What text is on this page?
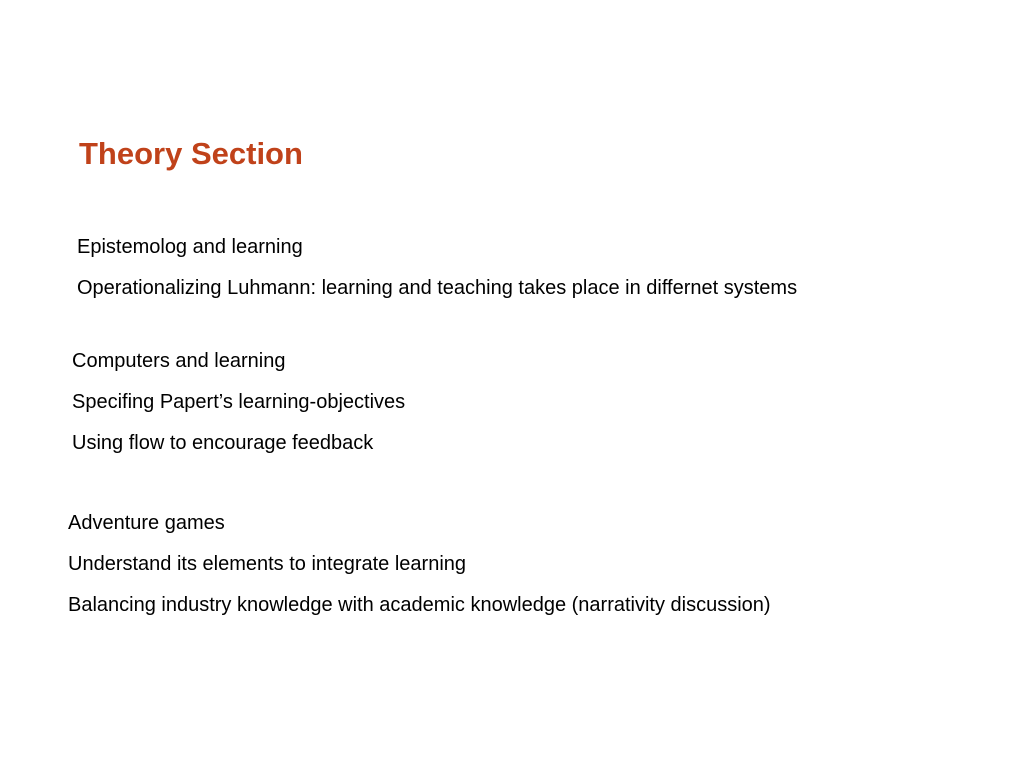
Theory Section
Epistemolog and learning
Operationalizing Luhmann: learning and teaching takes place in differnet systems
Computers and learning
Specifing Papert’s learning-objectives
Using flow to encourage feedback
Adventure games
Understand its elements to integrate learning
Balancing industry knowledge with academic knowledge (narrativity discussion)
